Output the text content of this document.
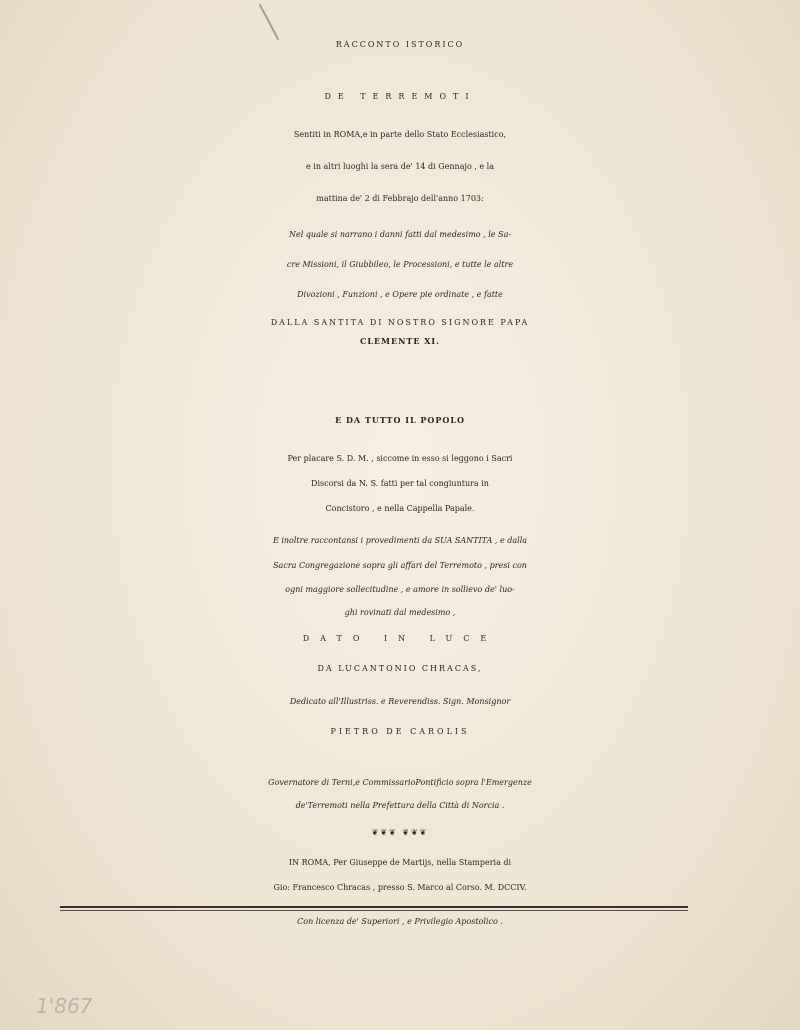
RACCONTO ISTORICO
DE TERREMOTI
Sentiti in ROMA,e in parte dello Stato Ecclesiastico,
e in altri luoghi la sera de' 14 di Gennajo , e la
mattina de' 2 di Febbrajo dell'anno 1703:
Nel quale si narrano i danni fatti dal medesimo , le Sa-
cre Missioni, il Giubbileo, le Processioni, e tutte le altre
Divozioni , Funzioni , e Opere pie ordinate , e fatte
DALLA SANTITA DI NOSTRO SIGNORE PAPA
CLEMENTE XI.
E DA TUTTO IL POPOLO
Per placare S. D. M. , siccome in esso si leggono i Sacri
Discorsi da N. S. fatti per tal congiuntura in
Concistoro , e nella Cappella Papale.
E inoltre raccontansi i provedimenti da SUA SANTITA , e dalla
Sacra Congregazione sopra gli affari del Terremoto , presi con
ogni maggiore sollecitudine , e amore in sollievo de' luo-
ghi rovinati dal medesimo ,
DATO IN LUCE
DA LUCANTONIO CHRACAS,
Dedicato all'Illustriss. e Reverendiss. Sign. Monsignor
PIETRO DE CAROLIS
Governatore di Terni,e CommissarioPontificio sopra l'Emergenze
de'Terremoti nella Prefettura della Città di Norcia .
❦❦❦ ❦❦❦
IN ROMA, Per Giuseppe de Martijs, nella Stamperia di
Gio: Francesco Chracas , presso S. Marco al Corso. M. DCCIV.
Con licenza de' Superiori , e Privilegio Apostolico .
1'867
